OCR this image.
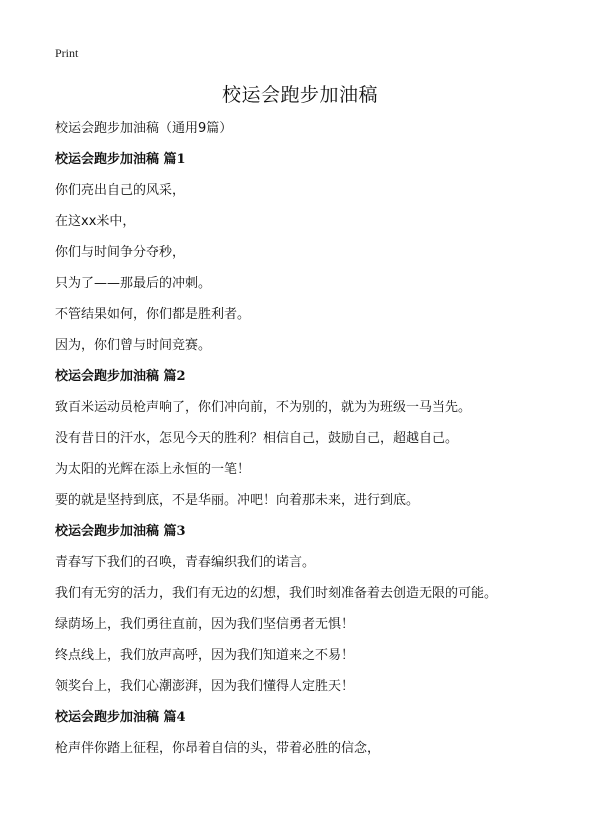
Print
校运会跑步加油稿
校运会跑步加油稿（通用9篇）
校运会跑步加油稿 篇1
你们亮出自己的风采，
在这xx米中，
你们与时间争分夺秒，
只为了——那最后的冲刺。
不管结果如何，你们都是胜利者。
因为，你们曾与时间竞赛。
校运会跑步加油稿 篇2
致百米运动员枪声响了，你们冲向前，不为别的，就为为班级一马当先。
没有昔日的汗水，怎见今天的胜利？相信自己，鼓励自己，超越自己。
为太阳的光辉在添上永恒的一笔！
要的就是坚持到底，不是华丽。冲吧！向着那未来，进行到底。
校运会跑步加油稿 篇3
青春写下我们的召唤，青春编织我们的诺言。
我们有无穷的活力，我们有无边的幻想，我们时刻准备着去创造无限的可能。
绿荫场上，我们勇往直前，因为我们坚信勇者无惧！
终点线上，我们放声高呼，因为我们知道来之不易！
领奖台上，我们心潮澎湃，因为我们懂得人定胜天！
校运会跑步加油稿 篇4
枪声伴你踏上征程，你昂着自信的头，带着必胜的信念，
